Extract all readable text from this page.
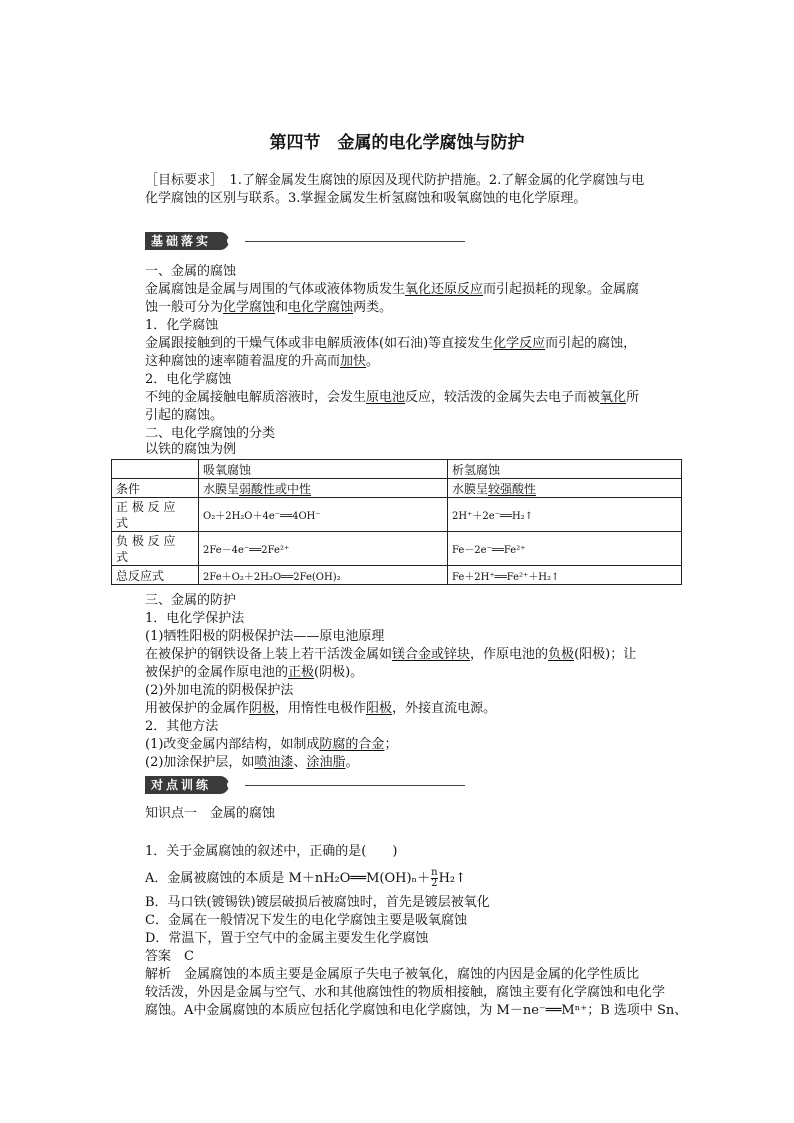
第四节　金属的电化学腐蚀与防护
［目标要求］　1.了解金属发生腐蚀的原因及现代防护措施。2.了解金属的化学腐蚀与电
化学腐蚀的区别与联系。3.掌握金属发生析氢腐蚀和吸氧腐蚀的电化学原理。
基础落实
一、金属的腐蚀
金属腐蚀是金属与周围的气体或液体物质发生氧化还原反应而引起损耗的现象。金属腐
蚀一般可分为化学腐蚀和电化学腐蚀两类。
1．化学腐蚀
金属跟接触到的干燥气体或非电解质液体(如石油)等直接发生化学反应而引起的腐蚀，
这种腐蚀的速率随着温度的升高而加快。
2．电化学腐蚀
不纯的金属接触电解质溶液时，会发生原电池反应，较活泼的金属失去电子而被氧化所
引起的腐蚀。
二、电化学腐蚀的分类
以铁的腐蚀为例
	吸氧腐蚀	析氢腐蚀
条件	水膜呈弱酸性或中性	水膜呈较强酸性

正 极 反 应
式	O₂＋2H₂O＋4e⁻══4OH⁻	2H⁺＋2e⁻══H₂↑

负 极 反 应
式	2Fe－4e⁻══2Fe²⁺	Fe－2e⁻══Fe²⁺
总反应式	2Fe＋O₂＋2H₂O══2Fe(OH)₂	Fe＋2H⁺══Fe²⁺＋H₂↑
三、金属的防护
1．电化学保护法
(1)牺牲阳极的阴极保护法——原电池原理
在被保护的钢铁设备上装上若干活泼金属如镁合金或锌块，作原电池的负极(阳极)；让
被保护的金属作原电池的正极(阴极)。
(2)外加电流的阴极保护法
用被保护的金属作阴极，用惰性电极作阳极，外接直流电源。
2．其他方法
(1)改变金属内部结构，如制成防腐的合金；
(2)加涂保护层，如喷油漆、涂油脂。
对点训练
知识点一　金属的腐蚀
1．关于金属腐蚀的叙述中，正确的是(　　)
A．金属被腐蚀的本质是 M＋nH₂O══M(OH)ₙ＋ $\frac{n}{2}$ H₂↑
B．马口铁(镀锡铁)镀层破损后被腐蚀时，首先是镀层被氧化
C．金属在一般情况下发生的电化学腐蚀主要是吸氧腐蚀
D．常温下，置于空气中的金属主要发生化学腐蚀
答案　C
解析　金属腐蚀的本质主要是金属原子失电子被氧化，腐蚀的内因是金属的化学性质比
较活泼，外因是金属与空气、水和其他腐蚀性的物质相接触，腐蚀主要有化学腐蚀和电化学
腐蚀。A中金属腐蚀的本质应包括化学腐蚀和电化学腐蚀，为 M－ne⁻══Mⁿ⁺；B 选项中 Sn、
